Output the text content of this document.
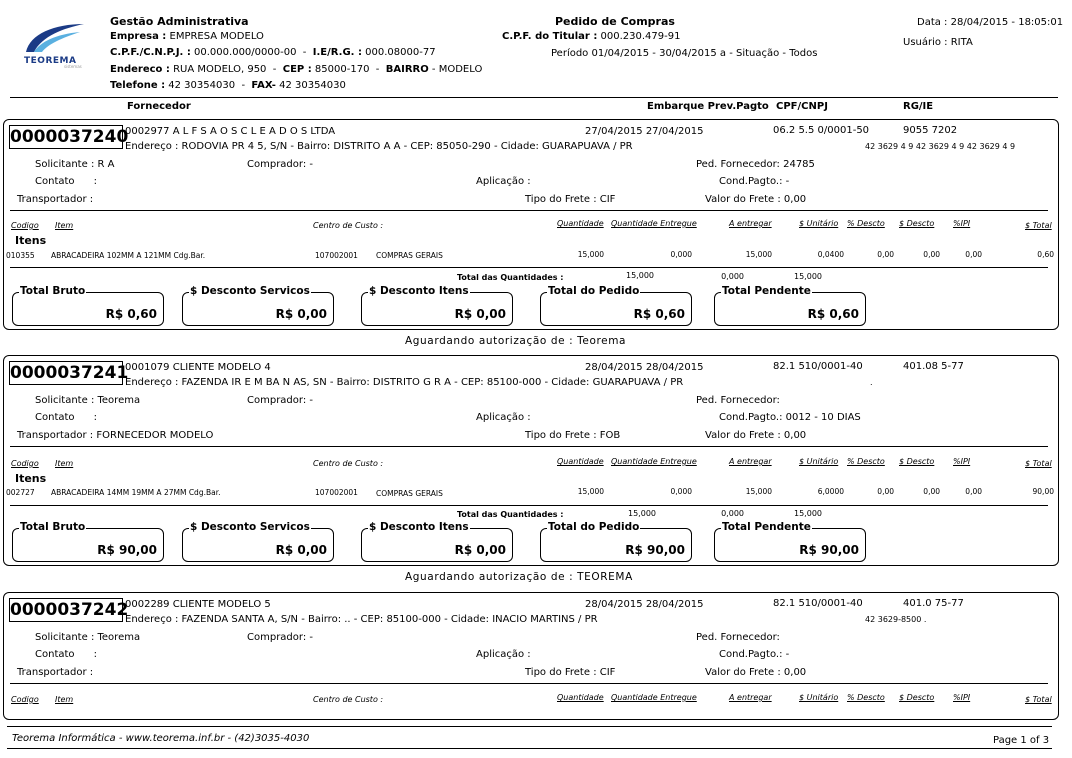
TEOREMA
sistemas
Gestão Administrativa
Empresa : EMPRESA MODELO
C.P.F./C.N.P.J. : 00.000.000/0000-00  -  I.E/R.G. : 000.08000-77
Endereco : RUA MODELO, 950  -  CEP : 85000-170  -  BAIRRO - MODELO
Telefone : 42 30354030  -  FAX- 42 30354030
Pedido de Compras
C.P.F. do Titular : 000.230.479-91
Período 01/04/2015 - 30/04/2015 a - Situação - Todos
Data : 28/04/2015 - 18:05:01
Usuário : RITA
Fornecedor	Embarque Prev.Pagto CPF/CNPJ	RG/IE
0000037240
0002977 A L F S A O S C L E A D O S LTDA
Endereço : RODOVIA PR 4 5, S/N - Bairro: DISTRITO A A - CEP: 85050-290 - Cidade: GUARAPUAVA / PR
27/04/2015 27/04/2015	06.2 5.5 0/0001-50	9055 7202
42 3629 4 9 42 3629 4 9 42 3629 4 9
Solicitante : R A	Comprador: -	Ped. Fornecedor: 24785
Contato :	Aplicação :	Cond.Pagto.: -
Transportador :	Tipo do Frete : CIF	Valor do Frete : 0,00
Codigo Item	Centro de Custo :	Quantidade Quantidade Entregue	A entregar	$ Unitário % Descto $ Descto %IPI	$ Total
Itens
010355 ABRACADEIRA 102MM A 121MM Cdg.Bar.	107002001 COMPRAS GERAIS	15,000	0,000	15,000	0,0400	0,00	0,00	0,00	0,60
Total das Quantidades :	15,000	0,000	15,000
Total Bruto
R$ 0,60
$ Desconto Servicos
R$ 0,00
$ Desconto Itens
R$ 0,00
Total do Pedido
R$ 0,60
Total Pendente
R$ 0,60
Aguardando autorização de : Teorema
0000037241
0001079 CLIENTE MODELO 4
Endereço : FAZENDA IR E M BA N AS, SN - Bairro: DISTRITO G R A - CEP: 85100-000 - Cidade: GUARAPUAVA / PR
28/04/2015 28/04/2015	82.1 510/0001-40	401.08 5-77
.
Solicitante : Teorema	Comprador: -	Ped. Fornecedor:
Contato :	Aplicação :	Cond.Pagto.: 0012 - 10 DIAS
Transportador : FORNECEDOR MODELO	Tipo do Frete : FOB	Valor do Frete : 0,00
Codigo Item	Centro de Custo :	Quantidade Quantidade Entregue	A entregar	$ Unitário % Descto $ Descto %IPI	$ Total
Itens
002727 ABRACADEIRA 14MM 19MM A 27MM Cdg.Bar.	107002001 COMPRAS GERAIS	15,000	0,000	15,000	6,0000	0,00	0,00	0,00	90,00
Total das Quantidades :	15,000	0,000	15,000
Total Bruto
R$ 90,00
$ Desconto Servicos
R$ 0,00
$ Desconto Itens
R$ 0,00
Total do Pedido
R$ 90,00
Total Pendente
R$ 90,00
Aguardando autorização de : TEOREMA
0000037242
0002289 CLIENTE MODELO 5
Endereço : FAZENDA SANTA A, S/N - Bairro: .. - CEP: 85100-000 - Cidade: INACIO MARTINS / PR
28/04/2015 28/04/2015	82.1 510/0001-40	401.0 75-77
42 3629-8500 .
Solicitante : Teorema	Comprador: -	Ped. Fornecedor:
Contato :	Aplicação :	Cond.Pagto.: -
Transportador :	Tipo do Frete : CIF	Valor do Frete : 0,00
Codigo Item	Centro de Custo :	Quantidade Quantidade Entregue	A entregar	$ Unitário % Descto $ Descto %IPI	$ Total
Teorema Informática - www.teorema.inf.br - (42)3035-4030	Page 1 of 3
